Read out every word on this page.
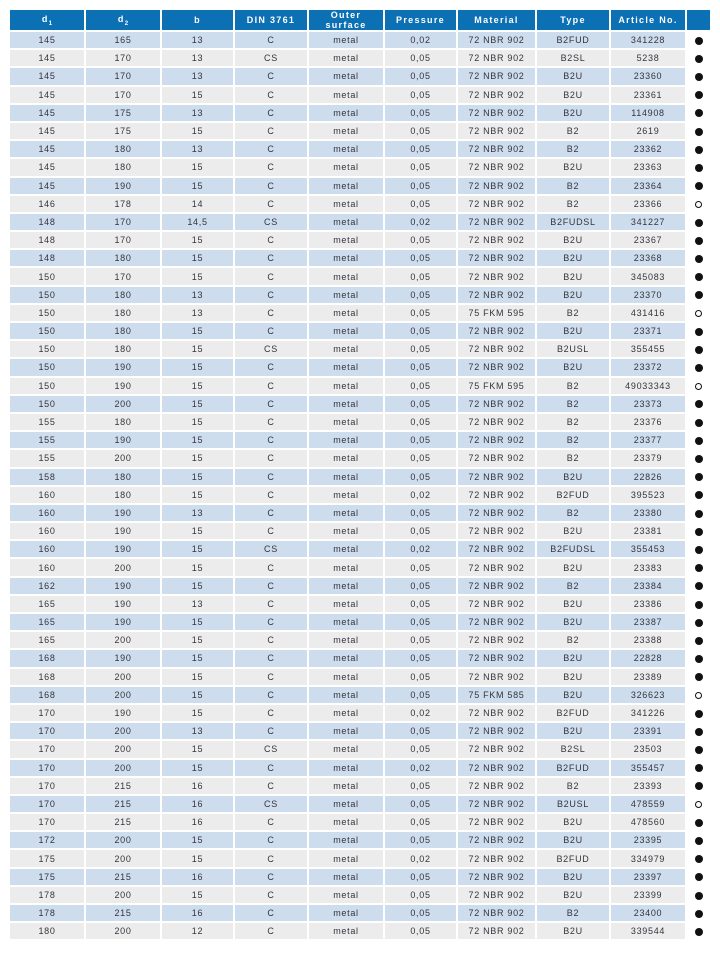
$d_1$	$d_2$	b	DIN 3761	Outer surface	Pressure	Material	Type	Article No.	
145	165	13	C	metal	0,02	72 NBR 902	B2FUD	341228	
145	170	13	CS	metal	0,05	72 NBR 902	B2SL	5238	
145	170	13	C	metal	0,05	72 NBR 902	B2U	23360	
145	170	15	C	metal	0,05	72 NBR 902	B2U	23361	
145	175	13	C	metal	0,05	72 NBR 902	B2U	114908	
145	175	15	C	metal	0,05	72 NBR 902	B2	2619	
145	180	13	C	metal	0,05	72 NBR 902	B2	23362	
145	180	15	C	metal	0,05	72 NBR 902	B2U	23363	
145	190	15	C	metal	0,05	72 NBR 902	B2	23364	
146	178	14	C	metal	0,05	72 NBR 902	B2	23366	
148	170	14,5	CS	metal	0,02	72 NBR 902	B2FUDSL	341227	
148	170	15	C	metal	0,05	72 NBR 902	B2U	23367	
148	180	15	C	metal	0,05	72 NBR 902	B2U	23368	
150	170	15	C	metal	0,05	72 NBR 902	B2U	345083	
150	180	13	C	metal	0,05	72 NBR 902	B2U	23370	
150	180	13	C	metal	0,05	75 FKM 595	B2	431416	
150	180	15	C	metal	0,05	72 NBR 902	B2U	23371	
150	180	15	CS	metal	0,05	72 NBR 902	B2USL	355455	
150	190	15	C	metal	0,05	72 NBR 902	B2U	23372	
150	190	15	C	metal	0,05	75 FKM 595	B2	49033343	
150	200	15	C	metal	0,05	72 NBR 902	B2	23373	
155	180	15	C	metal	0,05	72 NBR 902	B2	23376	
155	190	15	C	metal	0,05	72 NBR 902	B2	23377	
155	200	15	C	metal	0,05	72 NBR 902	B2	23379	
158	180	15	C	metal	0,05	72 NBR 902	B2U	22826	
160	180	15	C	metal	0,02	72 NBR 902	B2FUD	395523	
160	190	13	C	metal	0,05	72 NBR 902	B2	23380	
160	190	15	C	metal	0,05	72 NBR 902	B2U	23381	
160	190	15	CS	metal	0,02	72 NBR 902	B2FUDSL	355453	
160	200	15	C	metal	0,05	72 NBR 902	B2U	23383	
162	190	15	C	metal	0,05	72 NBR 902	B2	23384	
165	190	13	C	metal	0,05	72 NBR 902	B2U	23386	
165	190	15	C	metal	0,05	72 NBR 902	B2U	23387	
165	200	15	C	metal	0,05	72 NBR 902	B2	23388	
168	190	15	C	metal	0,05	72 NBR 902	B2U	22828	
168	200	15	C	metal	0,05	72 NBR 902	B2U	23389	
168	200	15	C	metal	0,05	75 FKM 585	B2U	326623	
170	190	15	C	metal	0,02	72 NBR 902	B2FUD	341226	
170	200	13	C	metal	0,05	72 NBR 902	B2U	23391	
170	200	15	CS	metal	0,05	72 NBR 902	B2SL	23503	
170	200	15	C	metal	0,02	72 NBR 902	B2FUD	355457	
170	215	16	C	metal	0,05	72 NBR 902	B2	23393	
170	215	16	CS	metal	0,05	72 NBR 902	B2USL	478559	
170	215	16	C	metal	0,05	72 NBR 902	B2U	478560	
172	200	15	C	metal	0,05	72 NBR 902	B2U	23395	
175	200	15	C	metal	0,02	72 NBR 902	B2FUD	334979	
175	215	16	C	metal	0,05	72 NBR 902	B2U	23397	
178	200	15	C	metal	0,05	72 NBR 902	B2U	23399	
178	215	16	C	metal	0,05	72 NBR 902	B2	23400	
180	200	12	C	metal	0,05	72 NBR 902	B2U	339544	
